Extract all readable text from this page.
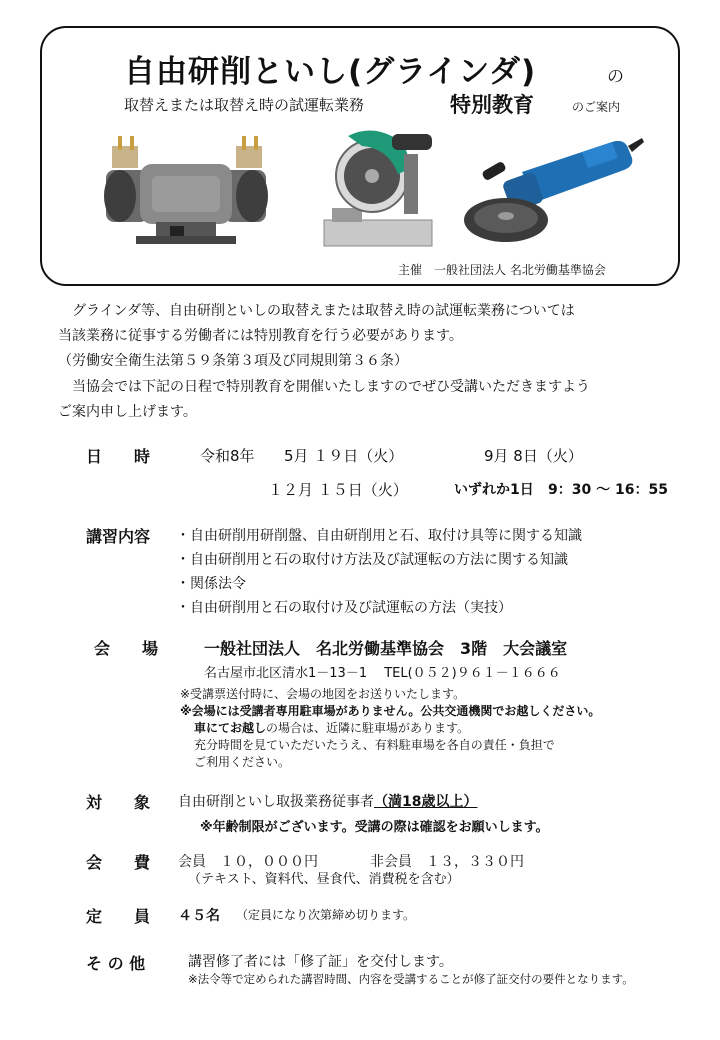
自由研削といし(グラインダ)	の
取替えまたは取替え時の試運転業務	特別教育	のご案内
主催　一般社団法人 名北労働基準協会
　グラインダ等、自由研削といしの取替えまたは取替え時の試運転業務については
当該業務に従事する労働者には特別教育を行う必要があります。
（労働安全衛生法第５９条第３項及び同規則第３６条）
　当協会では下記の日程で特別教育を開催いたしますのでぜひ受講いただきますよう
ご案内申し上げます。
日　　時	令和8年 5月 １９日（火）	9月 8日（火）
１２月 １５日（火）	いずれか1日 9：30 ～ 16：55
講習内容 ・自由研削用研削盤、自由研削用と石、取付け具等に関する知識
・自由研削用と石の取付け方法及び試運転の方法に関する知識
・関係法令
・自由研削用と石の取付け及び試運転の方法（実技）
会　　場	一般社団法人　名北労働基準協会　3階　大会議室
名古屋市北区清水1－13－1　 TEL(０５２)９６１－１６６６
※受講票送付時に、会場の地図をお送りいたします。
※会場には受講者専用駐車場がありません。公共交通機関でお越しください。
車にてお越しの場合は、近隣に駐車場があります。
充分時間を見ていただいたうえ、有料駐車場を各自の責任・負担で
ご利用ください。
対　　象 自由研削といし取扱業務従事者（満18歳以上）
※年齢制限がございます。受講の際は確認をお願いします。
会　　費 会員　１０，０００円	非会員　１３，３３０円
（テキスト、資料代、昼食代、消費税を含む）
定　　員 ４５名 （定員になり次第締め切ります。
そ の 他	講習修了者には「修了証」を交付します。
※法令等で定められた講習時間、内容を受講することが修了証交付の要件となります。
